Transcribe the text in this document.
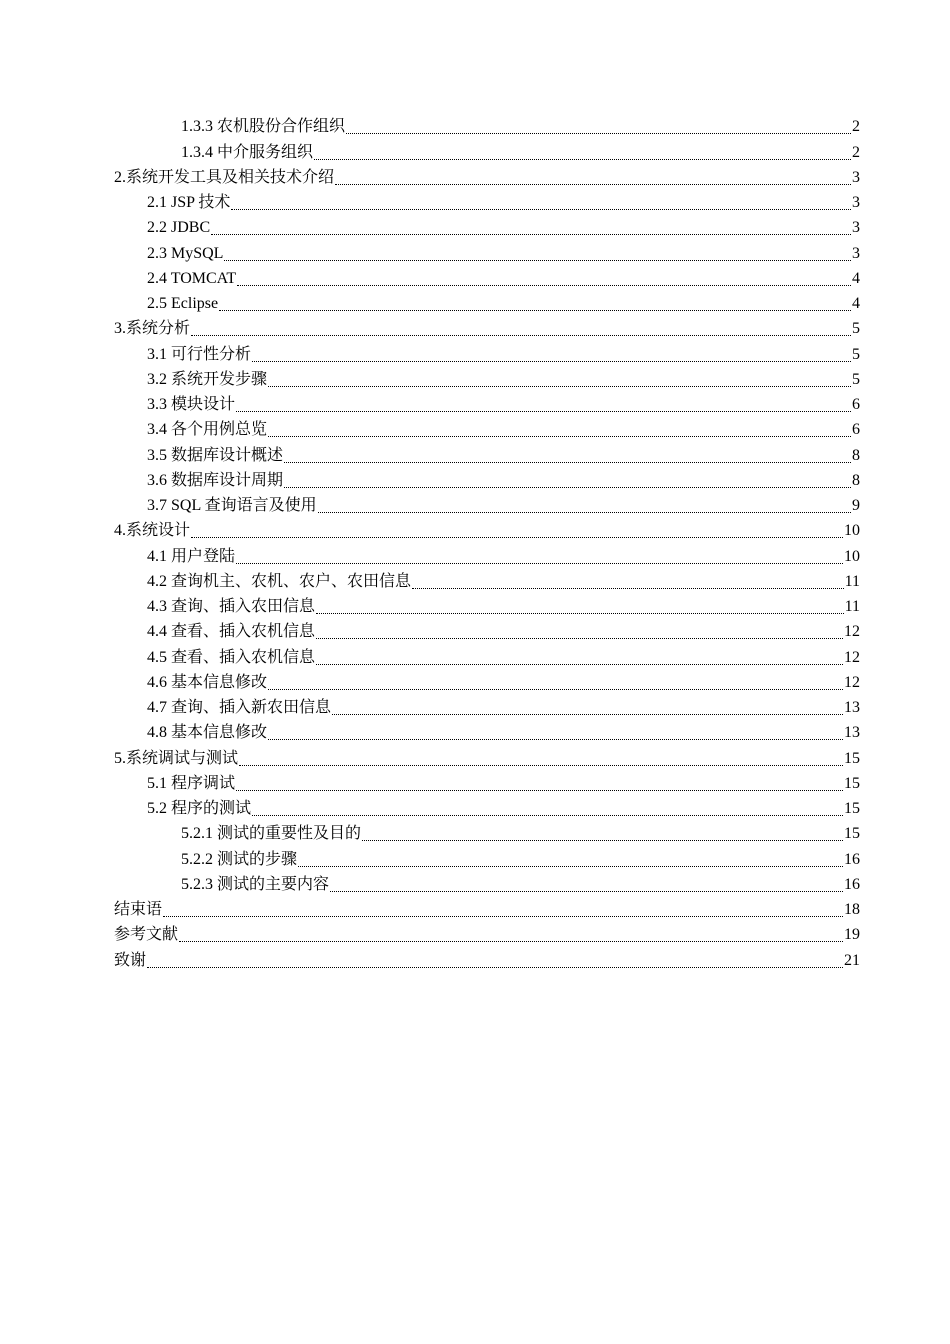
1.3.3 农机股份合作组织	2
1.3.4 中介服务组织	2
2.系统开发工具及相关技术介绍	3
2.1 JSP 技术	3
2.2 JDBC	3
2.3 MySQL	3
2.4 TOMCAT	4
2.5 Eclipse	4
3.系统分析	5
3.1 可行性分析	5
3.2 系统开发步骤	5
3.3 模块设计	6
3.4 各个用例总览	6
3.5 数据库设计概述	8
3.6 数据库设计周期	8
3.7 SQL 查询语言及使用	9
4.系统设计	10
4.1 用户登陆	10
4.2 查询机主、农机、农户、农田信息	11
4.3 查询、插入农田信息	11
4.4 查看、插入农机信息	12
4.5 查看、插入农机信息	12
4.6 基本信息修改	12
4.7 查询、插入新农田信息	13
4.8 基本信息修改	13
5.系统调试与测试	15
5.1 程序调试	15
5.2 程序的测试	15
5.2.1 测试的重要性及目的	15
5.2.2 测试的步骤	16
5.2.3 测试的主要内容	16
结束语	18
参考文献	19
致谢	21
